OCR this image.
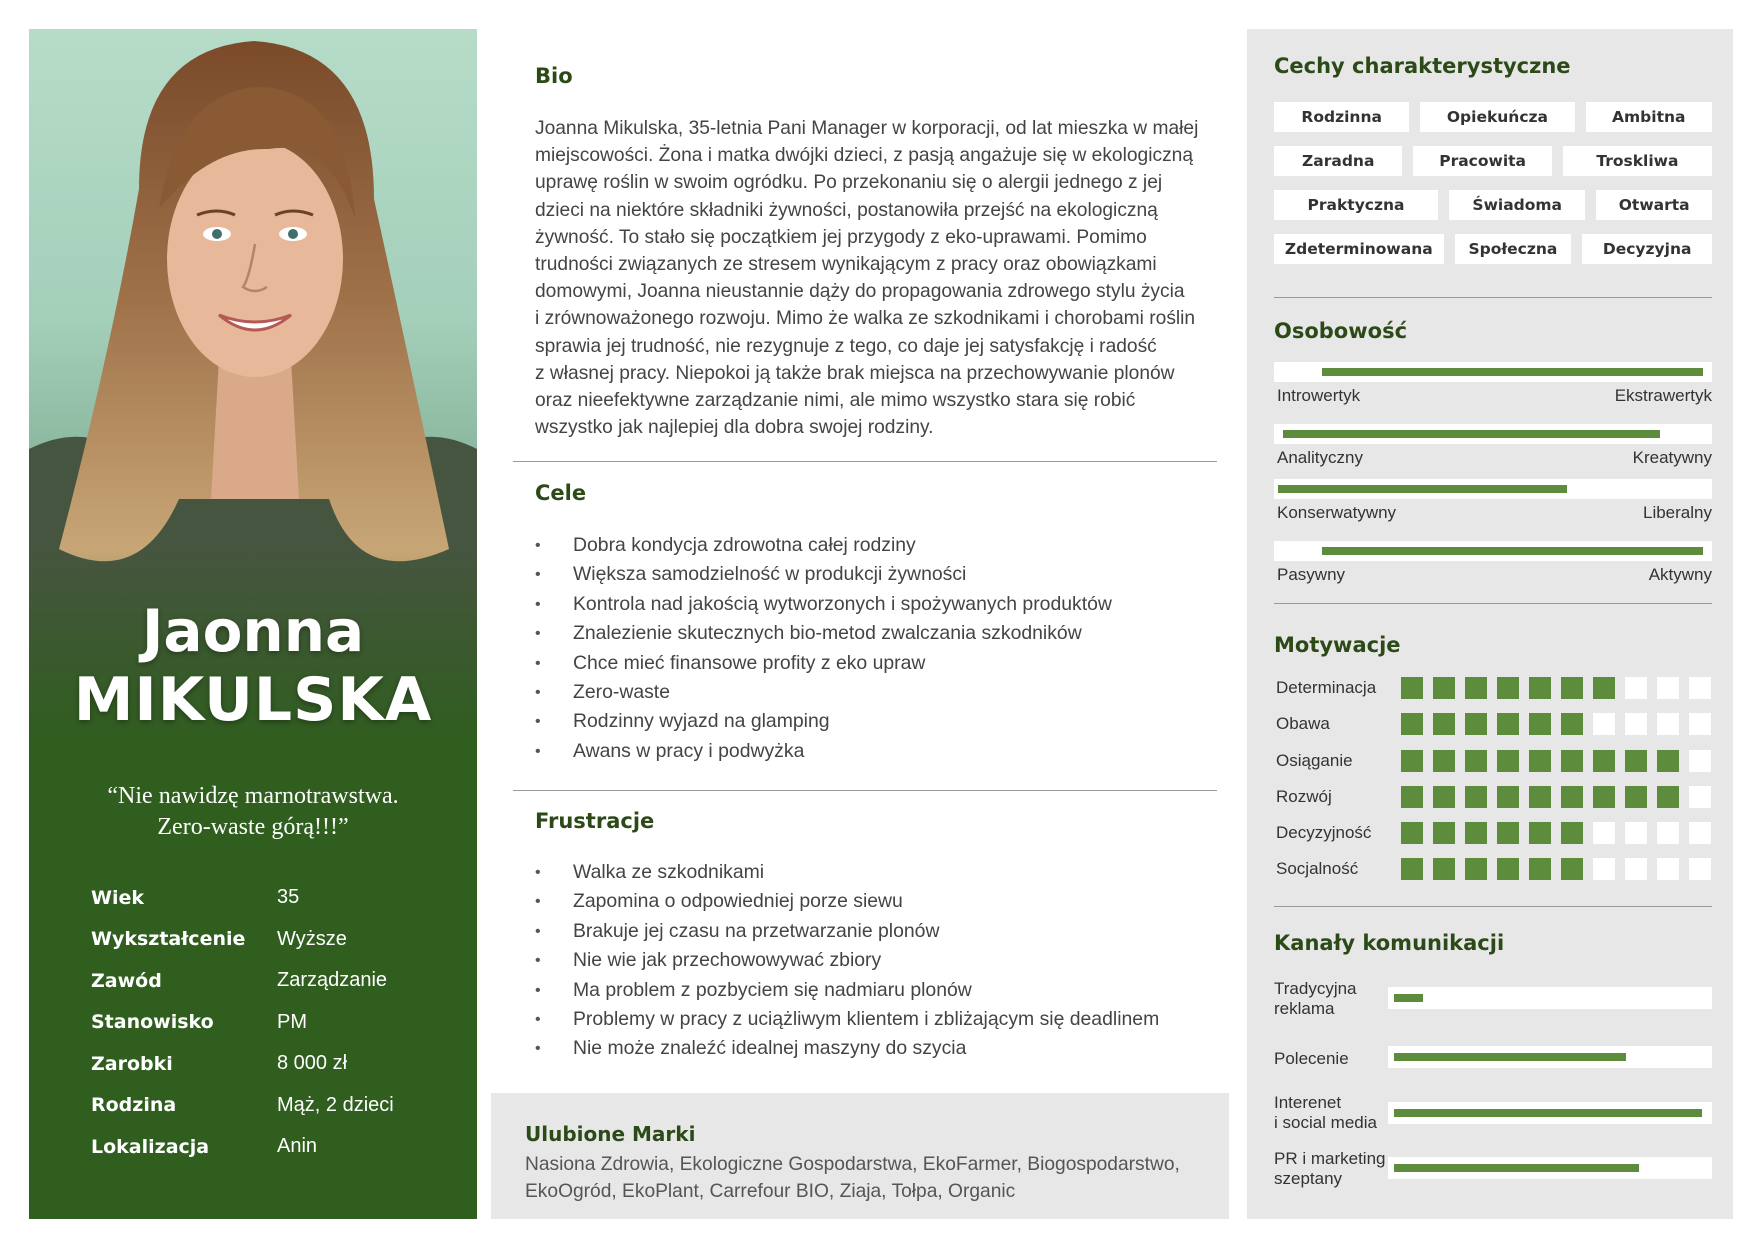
Jaonna
MIKULSKA
“Nie nawidzę marnotrawstwa.
Zero-waste górą!!!”
Wiek	35
Wykształcenie	Wyższe
Zawód	Zarządzanie
Stanowisko	PM
Zarobki	8 000 zł
Rodzina	Mąż, 2 dzieci
Lokalizacja	Anin
Bio
Joanna Mikulska, 35-letnia Pani Manager w korporacji, od lat mieszka w małej
miejscowości. Żona i matka dwójki dzieci, z pasją angażuje się w ekologiczną
uprawę roślin w swoim ogródku. Po przekonaniu się o alergii jednego z jej
dzieci na niektóre składniki żywności, postanowiła przejść na ekologiczną
żywność. To stało się początkiem jej przygody z eko-uprawami. Pomimo
trudności związanych ze stresem wynikającym z pracy oraz obowiązkami
domowymi, Joanna nieustannie dąży do propagowania zdrowego stylu życia
i zrównoważonego rozwoju. Mimo że walka ze szkodnikami i chorobami roślin
sprawia jej trudność, nie rezygnuje z tego, co daje jej satysfakcję i radość
z własnej pracy. Niepokoi ją także brak miejsca na przechowywanie plonów
oraz nieefektywne zarządzanie nimi, ale mimo wszystko stara się robić
wszystko jak najlepiej dla dobra swojej rodziny.
Cele
• Dobra kondycja zdrowotna całej rodziny
• Większa samodzielność w produkcji żywności
• Kontrola nad jakością wytworzonych i spożywanych produktów
• Znalezienie skutecznych bio-metod zwalczania szkodników
• Chce mieć finansowe profity z eko upraw
• Zero-waste
• Rodzinny wyjazd na glamping
• Awans w pracy i podwyżka
Frustracje
• Walka ze szkodnikami
• Zapomina o odpowiedniej porze siewu
• Brakuje jej czasu na przetwarzanie plonów
• Nie wie jak przechowowywać zbiory
• Ma problem z pozbyciem się nadmiaru plonów
• Problemy w pracy z uciążliwym klientem i zbliżającym się deadlinem
• Nie może znaleźć idealnej maszyny do szycia
Ulubione Marki
Nasiona Zdrowia, Ekologiczne Gospodarstwa, EkoFarmer, Biogospodarstwo,
EkoOgród, EkoPlant, Carrefour BIO, Ziaja, Tołpa, Organic
Cechy charakterystyczne
Rodzinna	Opiekuńcza	Ambitna
Zaradna	Pracowita	Troskliwa
Praktyczna	Świadoma	Otwarta
Zdeterminowana	Społeczna	Decyzyjna
Osobowość
Introwertyk	Ekstrawertyk
Analityczny	Kreatywny
Konserwatywny	Liberalny
Pasywny	Aktywny
Motywacje
Determinacja
Obawa
Osiąganie
Rozwój
Decyzyjność
Socjalność
Kanały komunikacji
Tradycyjna
reklama
Polecenie
Interenet
i social media
PR i marketing
szeptany
